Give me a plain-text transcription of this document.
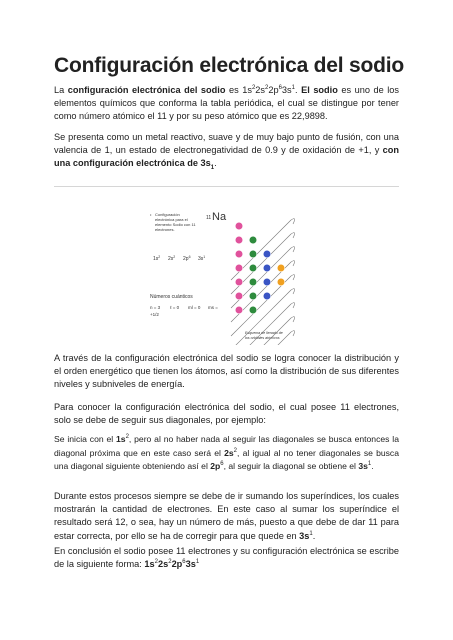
Configuración electrónica del sodio

La configuración electrónica del sodio es $1s^22s^22p^63s^1$. El sodio es uno de los elementos químicos que conforma la tabla periódica, el cual se distingue por tener como número atómico el 11 y por su peso atómico que es 22,9898.

Se presenta como un metal reactivo, suave y de muy bajo punto de fusión, con una valencia de 1, un estado de electronegatividad de 0.9 y de oxidación de +1, y con una configuración electrónica de $3s_1$.

• Configuración
electrónica para el
elemento Sodio con 11
electrones.
11 Na
$1s^2$ $2s^2$ $2p^6$ $3s^1$
Números cuánticos
n = 3 ℓ = 0 ml = 0 ms =
+1/2
Esquema de llenado de
los orbitales atómicos

A través de la configuración electrónica del sodio se logra conocer la distribución y el orden energético que tienen los átomos, así como la distribución de sus diferentes niveles y subniveles de energía.

Para conocer la configuración electrónica del sodio, el cual posee 11 electrones, solo se debe de seguir sus diagonales, por ejemplo:

Se inicia con el $1s^2$, pero al no haber nada al seguir las diagonales se busca entonces la diagonal próxima que en este caso será el $2s^2$, al igual al no tener diagonales se busca una diagonal siguiente obteniendo así el $2p^6$, al seguir la diagonal se obtiene el $3s^1$.

Durante estos procesos siempre se debe de ir sumando los superíndices, los cuales mostrarán la cantidad de electrones. En este caso al sumar los superíndice el resultado será 12, o sea, hay un número de más, puesto a que debe de dar 11 para estar correcta, por ello se ha de corregir para que quede en $3s^1$.

En conclusión el sodio posee 11 electrones y su configuración electrónica se escribe de la siguiente forma: $1s^22s^22p^63s^1$
